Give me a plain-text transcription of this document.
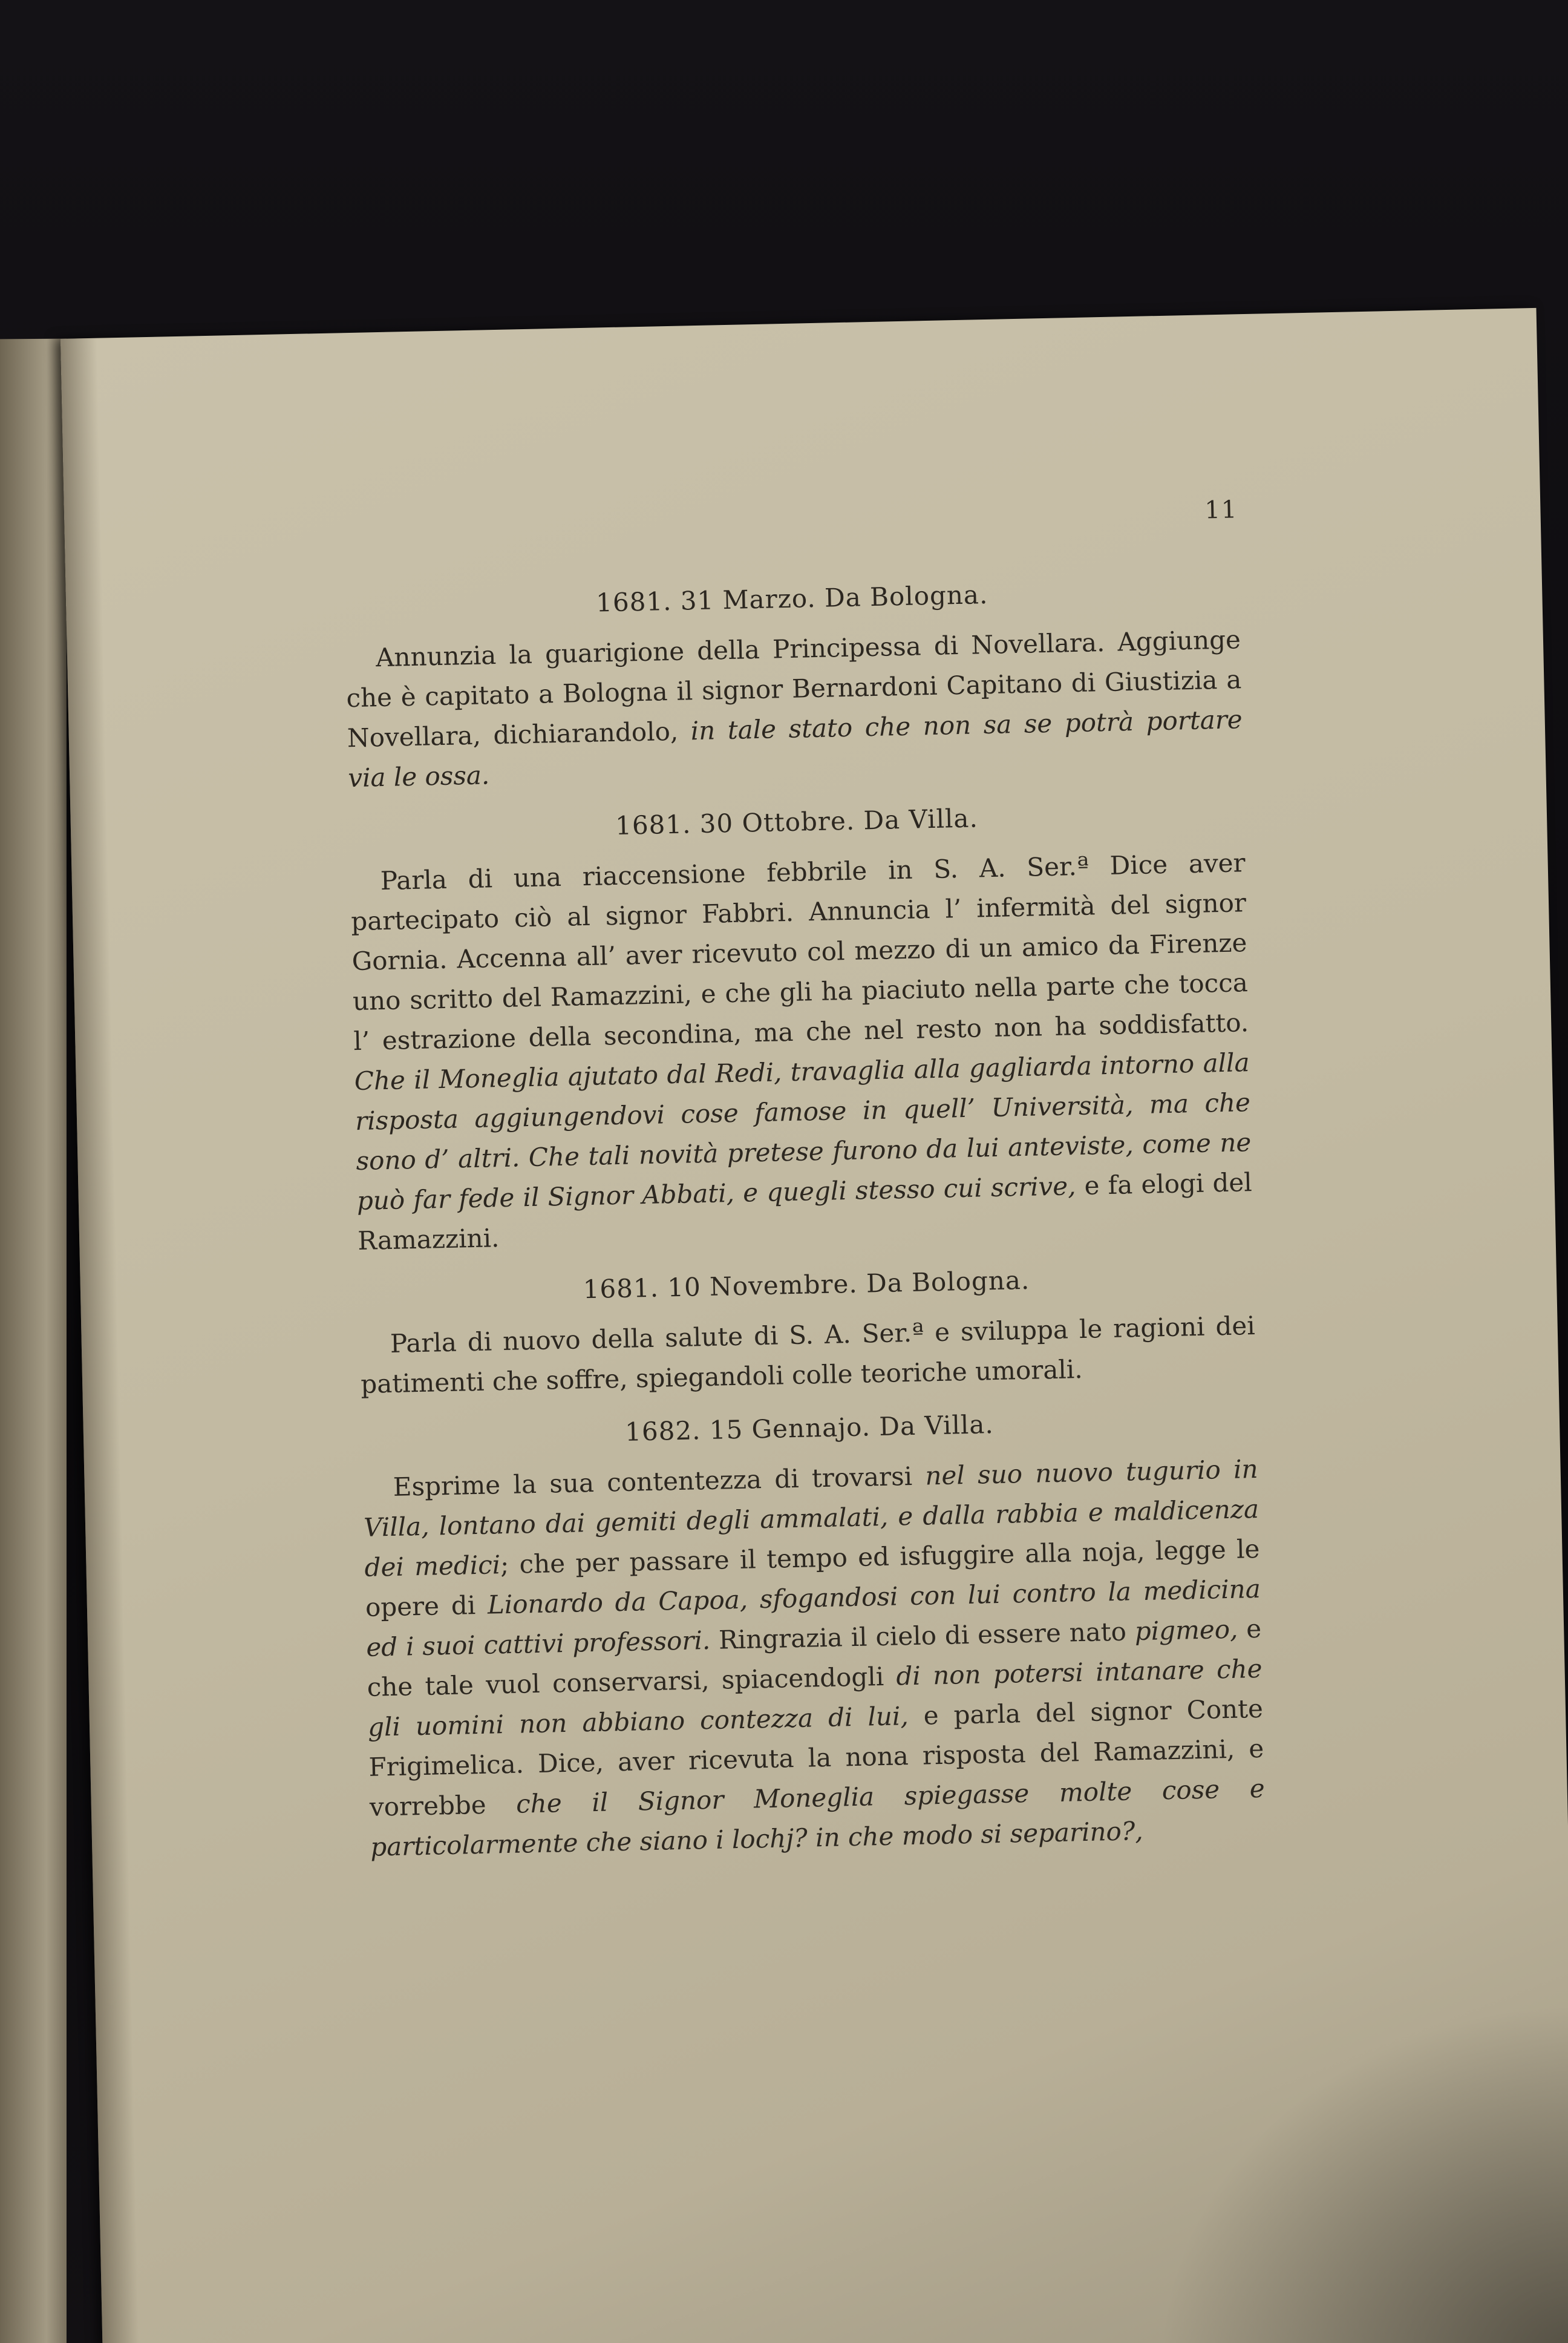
11
1681. 31 Marzo. Da Bologna.

Annunzia la guarigione della Principessa di Novellara. Aggiunge che è capitato a Bologna il signor Bernardoni Capitano di Giustizia a Novellara, dichiarandolo, in tale stato che non sa se potrà portare via le ossa.

1681. 30 Ottobre. Da Villa.

Parla di una riaccensione febbrile in S. A. Ser.ª Dice aver partecipato ciò al signor Fabbri. Annuncia l’ infermità del signor Gornia. Accenna all’ aver ricevuto col mezzo di un amico da Firenze uno scritto del Ramazzini, e che gli ha piaciuto nella parte che tocca l’ estrazione della secondina, ma che nel resto non ha soddisfatto. Che il Moneglia ajutato dal Redi, travaglia alla gagliarda intorno alla risposta aggiungendovi cose famose in quell’ Università, ma che sono d’ altri. Che tali novità pretese furono da lui anteviste, come ne può far fede il Signor Abbati, e quegli stesso cui scrive, e fa elogi del Ramazzini.

1681. 10 Novembre. Da Bologna.

Parla di nuovo della salute di S. A. Ser.ª e sviluppa le ragioni dei patimenti che soffre, spiegandoli colle teoriche umorali.

1682. 15 Gennajo. Da Villa.

Esprime la sua contentezza di trovarsi nel suo nuovo tugurio in Villa, lontano dai gemiti degli ammalati, e dalla rabbia e maldicenza dei medici; che per passare il tempo ed isfuggire alla noja, legge le opere di Lionardo da Capoa, sfogandosi con lui contro la medicina ed i suoi cattivi professori. Ringrazia il cielo di essere nato pigmeo, e che tale vuol conservarsi, spiacendogli di non potersi intanare che gli uomini non abbiano contezza di lui, e parla del signor Conte Frigimelica. Dice, aver ricevuta la nona risposta del Ramazzini, e vorrebbe che il Signor Moneglia spiegasse molte cose e particolarmente che siano i lochj? in che modo si separino?,
